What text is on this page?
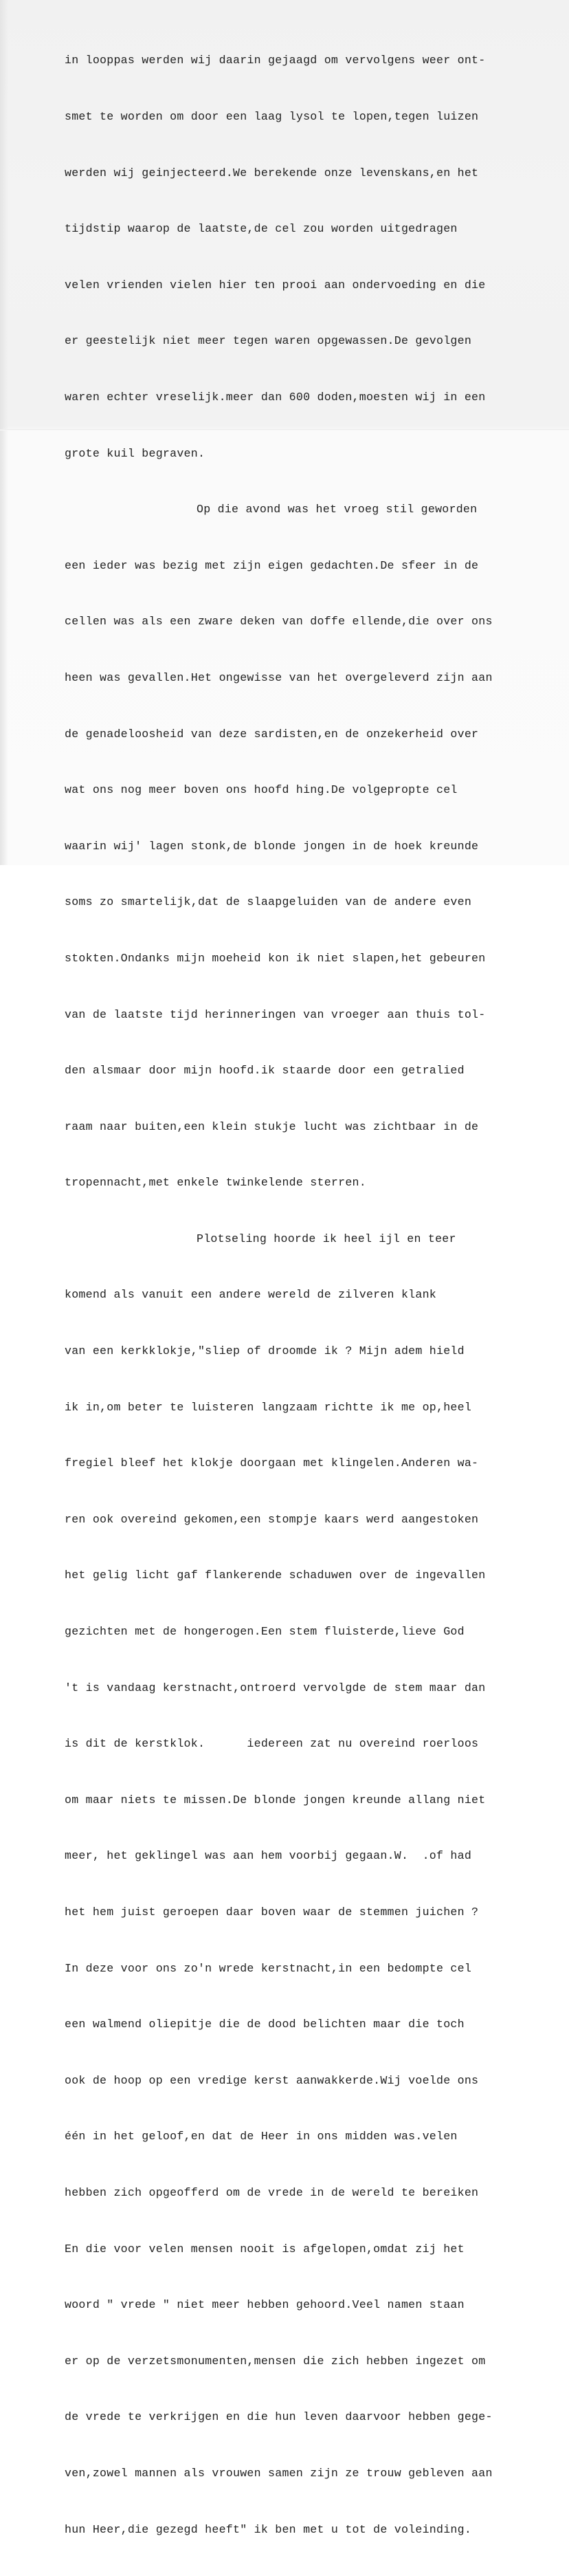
in looppas werden wij daarin gejaagd om vervolgens weer ont-

smet te worden om door een laag lysol te lopen,tegen luizen

werden wij geinjecteerd.We berekende onze levenskans,en het

tijdstip waarop de laatste,de cel zou worden uitgedragen

velen vrienden vielen hier ten prooi aan ondervoeding en die

er geestelijk niet meer tegen waren opgewassen.De gevolgen

waren echter vreselijk.meer dan 600 doden,moesten wij in een

grote kuil begraven.

Op die avond was het vroeg stil geworden

een ieder was bezig met zijn eigen gedachten.De sfeer in de

cellen was als een zware deken van doffe ellende,die over ons

heen was gevallen.Het ongewisse van het overgeleverd zijn aan

de genadeloosheid van deze sardisten,en de onzekerheid over

wat ons nog meer boven ons hoofd hing.De volgepropte cel

waarin wij' lagen stonk,de blonde jongen in de hoek kreunde

soms zo smartelijk,dat de slaapgeluiden van de andere even

stokten.Ondanks mijn moeheid kon ik niet slapen,het gebeuren

van de laatste tijd herinneringen van vroeger aan thuis tol-

den alsmaar door mijn hoofd.ik staarde door een getralied

raam naar buiten,een klein stukje lucht was zichtbaar in de

tropennacht,met enkele twinkelende sterren.

Plotseling hoorde ik heel ijl en teer

komend als vanuit een andere wereld de zilveren klank

van een kerkklokje,"sliep of droomde ik ? Mijn adem hield

ik in,om beter te luisteren langzaam richtte ik me op,heel

fregiel bleef het klokje doorgaan met klingelen.Anderen wa-

ren ook overeind gekomen,een stompje kaars werd aangestoken

het gelig licht gaf flankerende schaduwen over de ingevallen

gezichten met de hongerogen.Een stem fluisterde,lieve God

't is vandaag kerstnacht,ontroerd vervolgde de stem maar dan

is dit de kerstklok.      iedereen zat nu overeind roerloos

om maar niets te missen.De blonde jongen kreunde allang niet

meer, het geklingel was aan hem voorbij gegaan.W.  .of had

het hem juist geroepen daar boven waar de stemmen juichen ?

In deze voor ons zo'n wrede kerstnacht,in een bedompte cel

een walmend oliepitje die de dood belichten maar die toch

ook de hoop op een vredige kerst aanwakkerde.Wij voelde ons

één in het geloof,en dat de Heer in ons midden was.velen

hebben zich opgeofferd om de vrede in de wereld te bereiken

En die voor velen mensen nooit is afgelopen,omdat zij het

woord " vrede " niet meer hebben gehoord.Veel namen staan

er op de verzetsmonumenten,mensen die zich hebben ingezet om

de vrede te verkrijgen en die hun leven daarvoor hebben gege-

ven,zowel mannen als vrouwen samen zijn ze trouw gebleven aan

hun Heer,die gezegd heeft" ik ben met u tot de voleinding.
